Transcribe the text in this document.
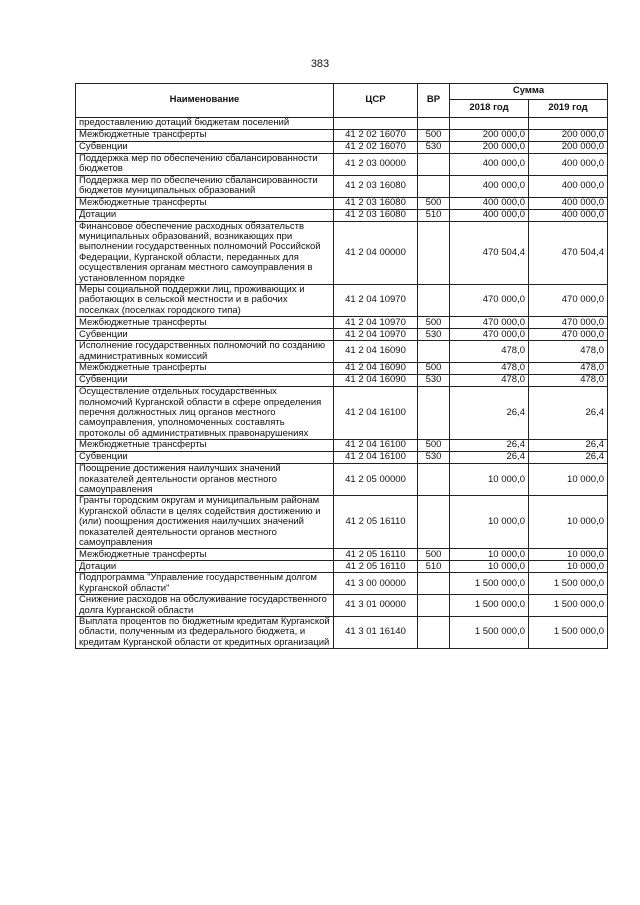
383
Наименование	ЦСР	ВР	Сумма	
			2018 год	2019 год
предоставлению дотаций бюджетам поселений				
Межбюджетные трансферты	41 2 02 16070	500	200 000,0	200 000,0
Субвенции	41 2 02 16070	530	200 000,0	200 000,0
Поддержка мер по обеспечению сбалансированности бюджетов	41 2 03 00000		400 000,0	400 000,0
Поддержка мер по обеспечению сбалансированности бюджетов муниципальных образований	41 2 03 16080		400 000,0	400 000,0
Межбюджетные трансферты	41 2 03 16080	500	400 000,0	400 000,0
Дотации	41 2 03 16080	510	400 000,0	400 000,0
Финансовое обеспечение расходных обязательств муниципальных образований, возникающих при выполнении государственных полномочий Российской Федерации, Курганской области, переданных для осуществления органам местного самоуправления в установленном порядке	41 2 04 00000		470 504,4	470 504,4
Меры социальной поддержки лиц, проживающих и работающих в сельской местности и в рабочих поселках (поселках городского типа)	41 2 04 10970		470 000,0	470 000,0
Межбюджетные трансферты	41 2 04 10970	500	470 000,0	470 000,0
Субвенции	41 2 04 10970	530	470 000,0	470 000,0
Исполнение государственных полномочий по созданию административных комиссий	41 2 04 16090		478,0	478,0
Межбюджетные трансферты	41 2 04 16090	500	478,0	478,0
Субвенции	41 2 04 16090	530	478,0	478,0
Осуществление отдельных государственных полномочий Курганской области в сфере определения перечня должностных лиц органов местного самоуправления, уполномоченных составлять протоколы об административных правонарушениях	41 2 04 16100		26,4	26,4
Межбюджетные трансферты	41 2 04 16100	500	26,4	26,4
Субвенции	41 2 04 16100	530	26,4	26,4
Поощрение достижения наилучших значений показателей деятельности органов местного самоуправления	41 2 05 00000		10 000,0	10 000,0
Гранты городским округам и муниципальным районам Курганской области в целях содействия достижению и (или) поощрения достижения наилучших значений показателей деятельности органов местного самоуправления	41 2 05 16110		10 000,0	10 000,0
Межбюджетные трансферты	41 2 05 16110	500	10 000,0	10 000,0
Дотации	41 2 05 16110	510	10 000,0	10 000,0
Подпрограмма "Управление государственным долгом Курганской области"	41 3 00 00000		1 500 000,0	1 500 000,0
Снижение расходов на обслуживание государственного долга Курганской области	41 3 01 00000		1 500 000,0	1 500 000,0
Выплата процентов по бюджетным кредитам Курганской области, полученным из федерального бюджета, и кредитам Курганской области от кредитных организаций	41 3 01 16140		1 500 000,0	1 500 000,0
